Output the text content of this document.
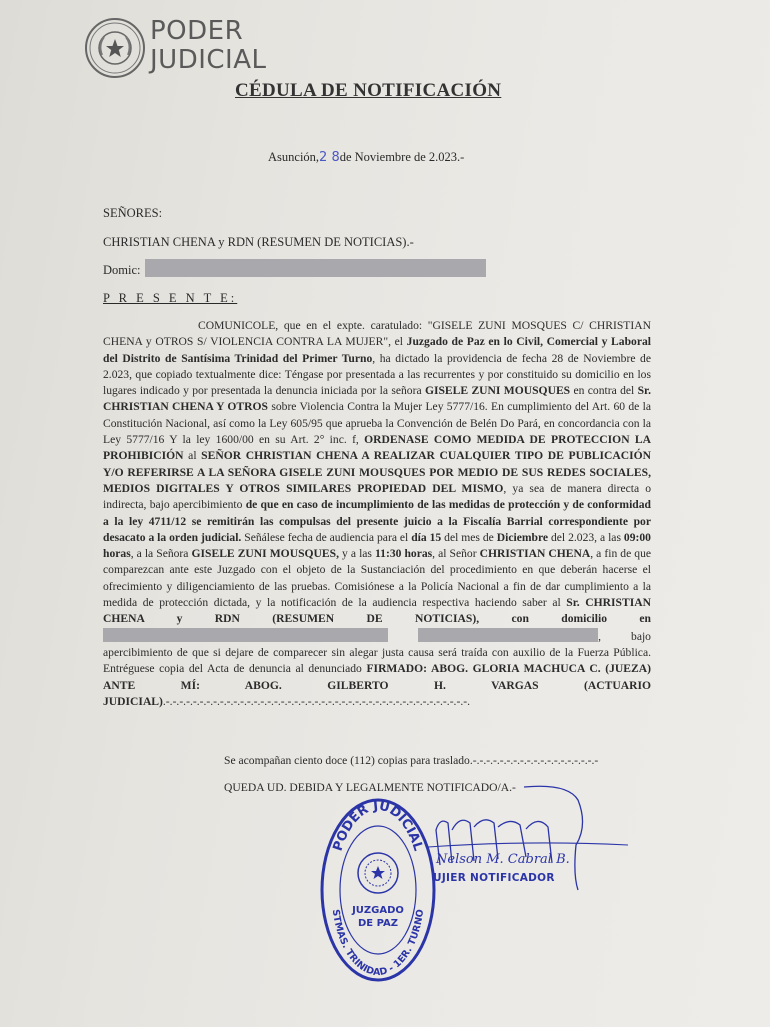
PODER
JUDICIAL
CÉDULA DE NOTIFICACIÓN
Asunción,2 8de Noviembre de 2.023.-
SEÑORES:
CHRISTIAN CHENA y RDN (RESUMEN DE NOTICIAS).-
Domic:
P R E S E N T E:
COMUNICOLE, que en el expte. caratulado: "GISELE ZUNI MOSQUES C/ CHRISTIAN CHENA y OTROS S/ VIOLENCIA CONTRA LA MUJER", el Juzgado de Paz en lo Civil, Comercial y Laboral del Distrito de Santísima Trinidad del Primer Turno, ha dictado la providencia de fecha 28 de Noviembre de 2.023, que copiado textualmente dice: Téngase por presentada a las recurrentes y por constituido su domicilio en los lugares indicado y por presentada la denuncia iniciada por la señora GISELE ZUNI MOUSQUES en contra del Sr. CHRISTIAN CHENA Y OTROS sobre Violencia Contra la Mujer Ley 5777/16. En cumplimiento del Art. 60 de la Constitución Nacional, así como la Ley 605/95 que aprueba la Convención de Belén Do Pará, en concordancia con la Ley 5777/16 Y la ley 1600/00 en su Art. 2° inc. f, ORDENASE COMO MEDIDA DE PROTECCION LA PROHIBICIÓN al SEÑOR CHRISTIAN CHENA A REALIZAR CUALQUIER TIPO DE PUBLICACIÓN Y/O REFERIRSE A LA SEÑORA GISELE ZUNI MOUSQUES POR MEDIO DE SUS REDES SOCIALES, MEDIOS DIGITALES Y OTROS SIMILARES PROPIEDAD DEL MISMO, ya sea de manera directa o indirecta, bajo apercibimiento de que en caso de incumplimiento de las medidas de protección y de conformidad a la ley 4711/12 se remitirán las compulsas del presente juicio a la Fiscalía Barrial correspondiente por desacato a la orden judicial. Señálese fecha de audiencia para el día 15 del mes de Diciembre del 2.023, a las 09:00 horas, a la Señora GISELE ZUNI MOUSQUES, y a las 11:30 horas, al Señor CHRISTIAN CHENA, a fin de que comparezcan ante este Juzgado con el objeto de la Sustanciación del procedimiento en que deberán hacerse el ofrecimiento y diligenciamiento de las pruebas. Comisiónese a la Policía Nacional a fin de dar cumplimiento a la medida de protección dictada, y la notificación de la audiencia respectiva haciendo saber al Sr. CHRISTIAN CHENA y RDN (RESUMEN DE NOTICIAS), con domicilio en  , bajo apercibimiento de que si dejare de comparecer sin alegar justa causa será traída con auxilio de la Fuerza Pública. Entréguese copia del Acta de denuncia al denunciado FIRMADO: ABOG. GLORIA MACHUCA C. (JUEZA) ANTE MÍ: ABOG. GILBERTO H. VARGAS (ACTUARIO JUDICIAL).-.-.-.-.-.-.-.-.-.-.-.-.-.-.-.-.-.-.-.-.-.-.-.-.-.-.-.-.-.-.-.-.-.-.-.-.-.-.-.-.-.-.-.-.-.
Se acompañan ciento doce (112) copias para traslado.-.-.-.-.-.-.-.-.-.-.-.-.-.-.-.-.-.-.-
QUEDA UD. DEBIDA Y LEGALMENTE NOTIFICADO/A.-
Nelson M. Cabral B.
UJIER NOTIFICADOR
PODER JUDICIAL
STMAS. TRINIDAD - 1ER. TURNO
JUZGADO
DE PAZ
